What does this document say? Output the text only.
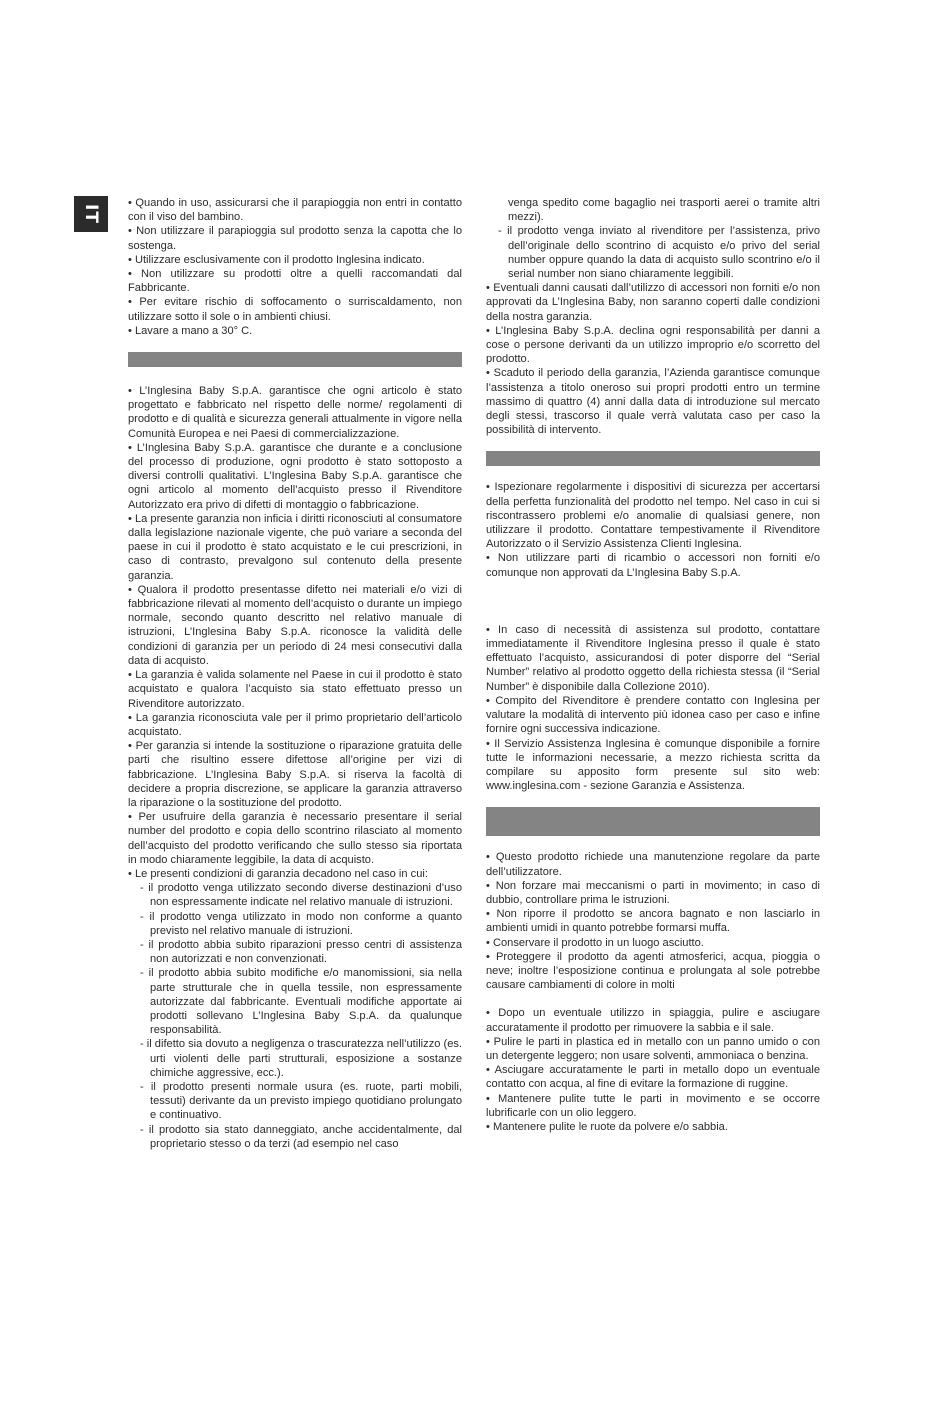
IT

• Quando in uso, assicurarsi che il parapioggia non entri in contatto con il viso del bambino.

• Non utilizzare il parapioggia sul prodotto senza la capotta che lo sostenga.

• Utilizzare esclusivamente con il prodotto Inglesina indicato.

• Non utilizzare su prodotti oltre a quelli raccomandati dal Fabbricante.

• Per evitare rischio di soffocamento o surriscaldamento, non utilizzare sotto il sole o in ambienti chiusi.

• Lavare a mano a 30° C.

• L’Inglesina Baby S.p.A. garantisce che ogni articolo è stato progettato e fabbricato nel rispetto delle norme/ regolamenti di prodotto e di qualità e sicurezza generali attualmente in vigore nella Comunità Europea e nei Paesi di commercializzazione.

• L’Inglesina Baby S.p.A. garantisce che durante e a conclusione del processo di produzione, ogni prodotto è stato sottoposto a diversi controlli qualitativi. L’Inglesina Baby S.p.A. garantisce che ogni articolo al momento dell’acquisto presso il Rivenditore Autorizzato era privo di difetti di montaggio o fabbricazione.

• La presente garanzia non inficia i diritti riconosciuti al consumatore dalla legislazione nazionale vigente, che può variare a seconda del paese in cui il prodotto è stato acquistato e le cui prescrizioni, in caso di contrasto, prevalgono sul contenuto della presente garanzia.

• Qualora il prodotto presentasse difetto nei materiali e/o vizi di fabbricazione rilevati al momento dell’acquisto o durante un impiego normale, secondo quanto descritto nel relativo manuale di istruzioni, L’Inglesina Baby S.p.A. riconosce la validità delle condizioni di garanzia per un periodo di 24 mesi consecutivi dalla data di acquisto.

• La garanzia è valida solamente nel Paese in cui il prodotto è stato acquistato e qualora l’acquisto sia stato effettuato presso un Rivenditore autorizzato.

• La garanzia riconosciuta vale per il primo proprietario dell’articolo acquistato.

• Per garanzia si intende la sostituzione o riparazione gratuita delle parti che risultino essere difettose all’origine per vizi di fabbricazione. L’Inglesina Baby S.p.A. si riserva la facoltà di decidere a propria discrezione, se applicare la garanzia attraverso la riparazione o la sostituzione del prodotto.

• Per usufruire della garanzia è necessario presentare il serial number del prodotto e copia dello scontrino rilasciato al momento dell’acquisto del prodotto verificando che sullo stesso sia riportata in modo chiaramente leggibile, la data di acquisto.

• Le presenti condizioni di garanzia decadono nel caso in cui:

- il prodotto venga utilizzato secondo diverse destinazioni d’uso non espressamente indicate nel relativo manuale di istruzioni.

- il prodotto venga utilizzato in modo non conforme a quanto previsto nel relativo manuale di istruzioni.

- il prodotto abbia subito riparazioni presso centri di assistenza non autorizzati e non convenzionati.

- il prodotto abbia subito modifiche e/o manomissioni, sia nella parte strutturale che in quella tessile, non espressamente autorizzate dal fabbricante. Eventuali modifiche apportate ai prodotti sollevano L’Inglesina Baby S.p.A. da qualunque responsabilità.

- il difetto sia dovuto a negligenza o trascuratezza nell’utilizzo (es. urti violenti delle parti strutturali, esposizione a sostanze chimiche aggressive, ecc.).

- il prodotto presenti normale usura (es. ruote, parti mobili, tessuti) derivante da un previsto impiego quotidiano prolungato e continuativo.

- il prodotto sia stato danneggiato, anche accidentalmente, dal proprietario stesso o da terzi (ad esempio nel caso

venga spedito come bagaglio nei trasporti aerei o tramite altri mezzi).

- il prodotto venga inviato al rivenditore per l’assistenza, privo dell’originale dello scontrino di acquisto e/o privo del serial number oppure quando la data di acquisto sullo scontrino e/o il serial number non siano chiaramente leggibili.

• Eventuali danni causati dall’utilizzo di accessori non forniti e/o non approvati da L’Inglesina Baby, non saranno coperti dalle condizioni della nostra garanzia.

• L’Inglesina Baby S.p.A. declina ogni responsabilità per danni a cose o persone derivanti da un utilizzo improprio e/o scorretto del prodotto.

• Scaduto il periodo della garanzia, l’Azienda garantisce comunque l’assistenza a titolo oneroso sui propri prodotti entro un termine massimo di quattro (4) anni dalla data di introduzione sul mercato degli stessi, trascorso il quale verrà valutata caso per caso la possibilità di intervento.

• Ispezionare regolarmente i dispositivi di sicurezza per accertarsi della perfetta funzionalità del prodotto nel tempo. Nel caso in cui si riscontrassero problemi e/o anomalie di qualsiasi genere, non utilizzare il prodotto. Contattare tempestivamente il Rivenditore Autorizzato o il Servizio Assistenza Clienti Inglesina.

• Non utilizzare parti di ricambio o accessori non forniti e/o comunque non approvati da L’Inglesina Baby S.p.A.

• In caso di necessità di assistenza sul prodotto, contattare immediatamente il Rivenditore Inglesina presso il quale è stato effettuato l’acquisto, assicurandosi di poter disporre del “Serial Number” relativo al prodotto oggetto della richiesta stessa (il “Serial Number” è disponibile dalla Collezione 2010).

• Compito del Rivenditore è prendere contatto con Inglesina per valutare la modalità di intervento più idonea caso per caso e infine fornire ogni successiva indicazione.

• Il Servizio Assistenza Inglesina è comunque disponibile a fornire tutte le informazioni necessarie, a mezzo richiesta scritta da compilare su apposito form presente sul sito web: www.inglesina.com - sezione Garanzia e Assistenza.

• Questo prodotto richiede una manutenzione regolare da parte dell’utilizzatore.

• Non forzare mai meccanismi o parti in movimento; in caso di dubbio, controllare prima le istruzioni.

• Non riporre il prodotto se ancora bagnato e non lasciarlo in ambienti umidi in quanto potrebbe formarsi muffa.

• Conservare il prodotto in un luogo asciutto.

• Proteggere il prodotto da agenti atmosferici, acqua, pioggia o neve; inoltre l’esposizione continua e prolungata al sole potrebbe causare cambiamenti di colore in molti

• Dopo un eventuale utilizzo in spiaggia, pulire e asciugare accuratamente il prodotto per rimuovere la sabbia e il sale.

• Pulire le parti in plastica ed in metallo con un panno umido o con un detergente leggero; non usare solventi, ammoniaca o benzina.

• Asciugare accuratamente le parti in metallo dopo un eventuale contatto con acqua, al fine di evitare la formazione di ruggine.

• Mantenere pulite tutte le parti in movimento e se occorre lubrificarle con un olio leggero.

• Mantenere pulite le ruote da polvere e/o sabbia.
